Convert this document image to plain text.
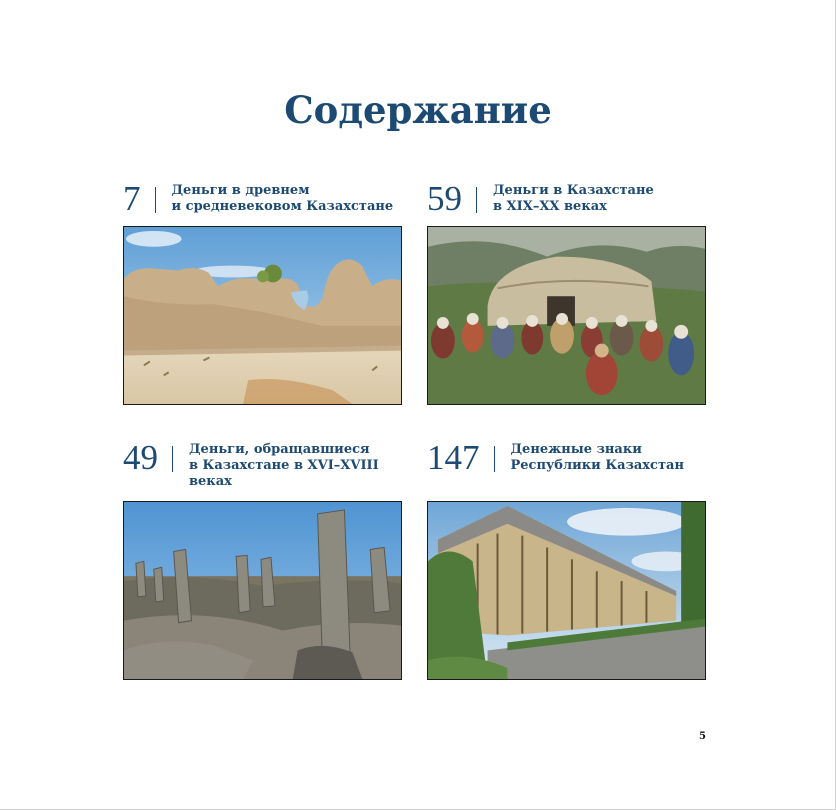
Содержание
7 Деньги в древнем
и средневековом Казахстане 59 Деньги в Казахстане
в XIX–XX веках
49 Деньги, обращавшиеся
в Казахстане в XVI–XVIII
веках
147 Денежные знаки
Республики Казахстан
5
